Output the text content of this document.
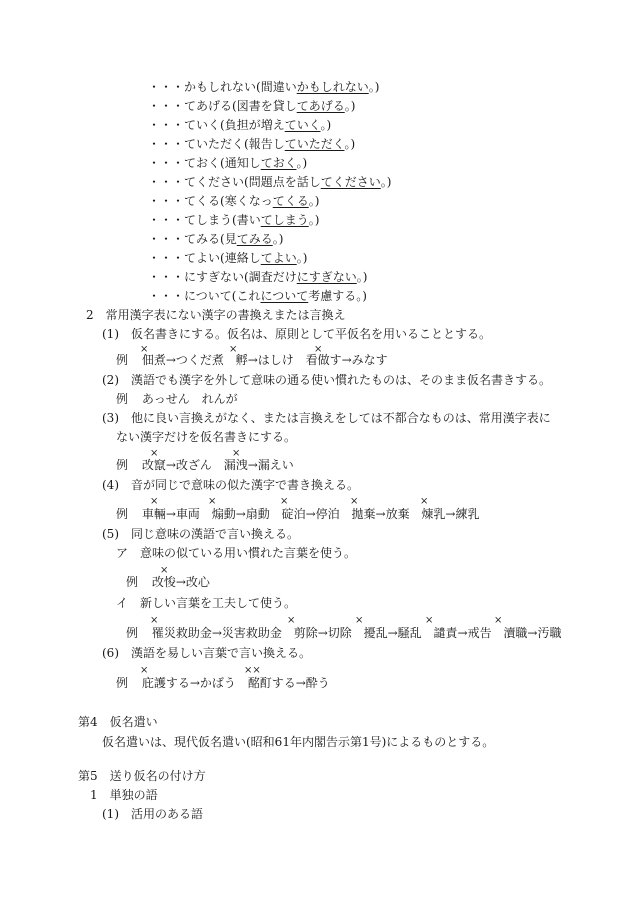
・・・かもしれない(間違いかもしれない。)
・・・てあげる(図書を貸してあげる。)
・・・ていく(負担が増えていく。)
・・・ていただく(報告していただく。)
・・・ておく(通知しておく。)
・・・てください(問題点を話してください。)
・・・てくる(寒くなってくる。)
・・・てしまう(書いてしまう。)
・・・てみる(見てみる。)
・・・てよい(連絡してよい。)
・・・にすぎない(調査だけにすぎない。)
・・・について(これについて考慮する。)
2　常用漢字表にない漢字の書換えまたは言換え
(1)　仮名書きにする。仮名は、原則として平仮名を用いることとする。
×	×	×
例 佃煮→つくだ煮 孵→はしけ 看做す→みなす
(2)　漢語でも漢字を外して意味の通る使い慣れたものは、そのまま仮名書きする。
例 あっせん れんが
(3)　他に良い言換えがなく、または言換えをしては不都合なものは、常用漢字表に
ない漢字だけを仮名書きにする。
×	×
例 改竄→改ざん 漏洩→漏えい
(4)　音が同じで意味の似た漢字で書き換える。
×	×	×	×	×
例 車輛→車両 煽動→扇動 碇泊→停泊 拋棄→放棄 煉乳→練乳
(5)　同じ意味の漢語で言い換える。
ア　意味の似ている用い慣れた言葉を使う。
×
例 改悛→改心
イ　新しい言葉を工夫して使う。
×	×	×	×	×
例 罹災救助金→災害救助金 剪除→切除 擾乱→騒乱 譴責→戒告 瀆職→汚職
(6)　漢語を易しい言葉で言い換える。
×	××
例 庇護する→かばう 酩酊する→酔う
第4　仮名遣い
仮名遣いは、現代仮名遣い(昭和61年内閣告示第1号)によるものとする。
第5　送り仮名の付け方
1　単独の語
(1)　活用のある語
